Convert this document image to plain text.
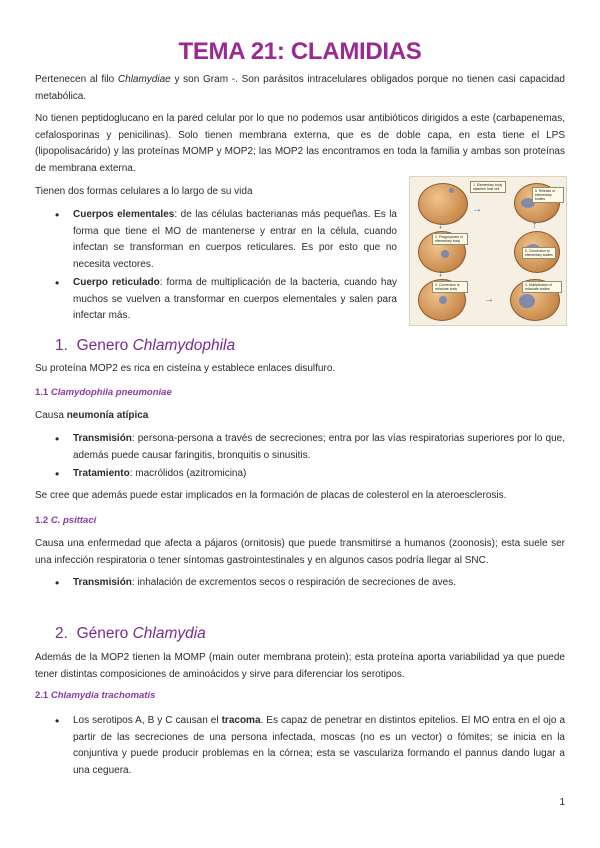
TEMA 21: CLAMIDIAS

Pertenecen al filo Chlamydiae y son Gram -. Son parásitos intracelulares obligados porque no tienen casi capacidad metabólica.

No tienen peptidoglucano en la pared celular por lo que no podemos usar antibióticos dirigidos a este (carbapenemas, cefalosporinas y penicilinas). Solo tienen membrana externa, que es de doble capa, en esta tiene el LPS (lipopolisacárido) y las proteínas MOMP y MOP2; las MOP2 las encontramos en toda la familia y ambas son proteínas de membrana externa.

Tienen dos formas celulares a lo largo de su vida

• Cuerpos elementales: de las células bacterianas más pequeñas. Es la forma que tiene el MO de mantenerse y entrar en la célula, cuando infectan se transforman en cuerpos reticulares. Es por esto que no necesita vectores.
• Cuerpo reticulado: forma de multiplicación de la bacteria, cuando hay muchos se vuelven a transformar en cuerpos elementales y salen para infectar más.
1. Genero Chlamydophila

Su proteína MOP2 es rica en cisteína y establece enlaces disulfuro.

1.1 Clamydophila pneumoniae

Causa neumonía atípica

• Transmisión: persona-persona a través de secreciones; entra por las vías respiratorias superiores por lo que, además puede causar faringitis, bronquitis o sinusitis.
• Tratamiento: macrólidos (azitromicina)

Se cree que además puede estar implicados en la formación de placas de colesterol en la ateroesclerosis.

1.2 C. psittaci

Causa una enfermedad que afecta a pájaros (ornitosis) que puede transmitirse a humanos (zoonosis); esta suele ser una infección respiratoria o tener síntomas gastrointestinales y en algunos casos podría llegar al SNC.

• Transmisión: inhalación de excrementos secos o respiración de secreciones de aves.
2. Género Chlamydia

Además de la MOP2 tienen la MOMP (main outer membrana protein); esta proteína aporta variabilidad ya que puede tener distintas composiciones de aminoácidos y sirve para diferenciar los serotipos.

2.1 Chlamydia trachomatis
• Los serotipos A, B y C causan el tracoma. Es capaz de penetrar en distintos epitelios. El MO entra en el ojo a partir de las secreciones de una persona infectada, moscas (no es un vector) o fómites; se inicia en la conjuntiva y puede producir problemas en la córnea; esta se vasculariza formando el pannus dando lugar a una ceguera.
1. Elementary body attaches host cell	6. Release of elementary bodies
→
2. Phagocytosis of elementary body
5. Conversion to elementary bodies
↓	↑
3. Conversion to reticulate body
4. Multiplication of reticulate bodies
↓
→
1
